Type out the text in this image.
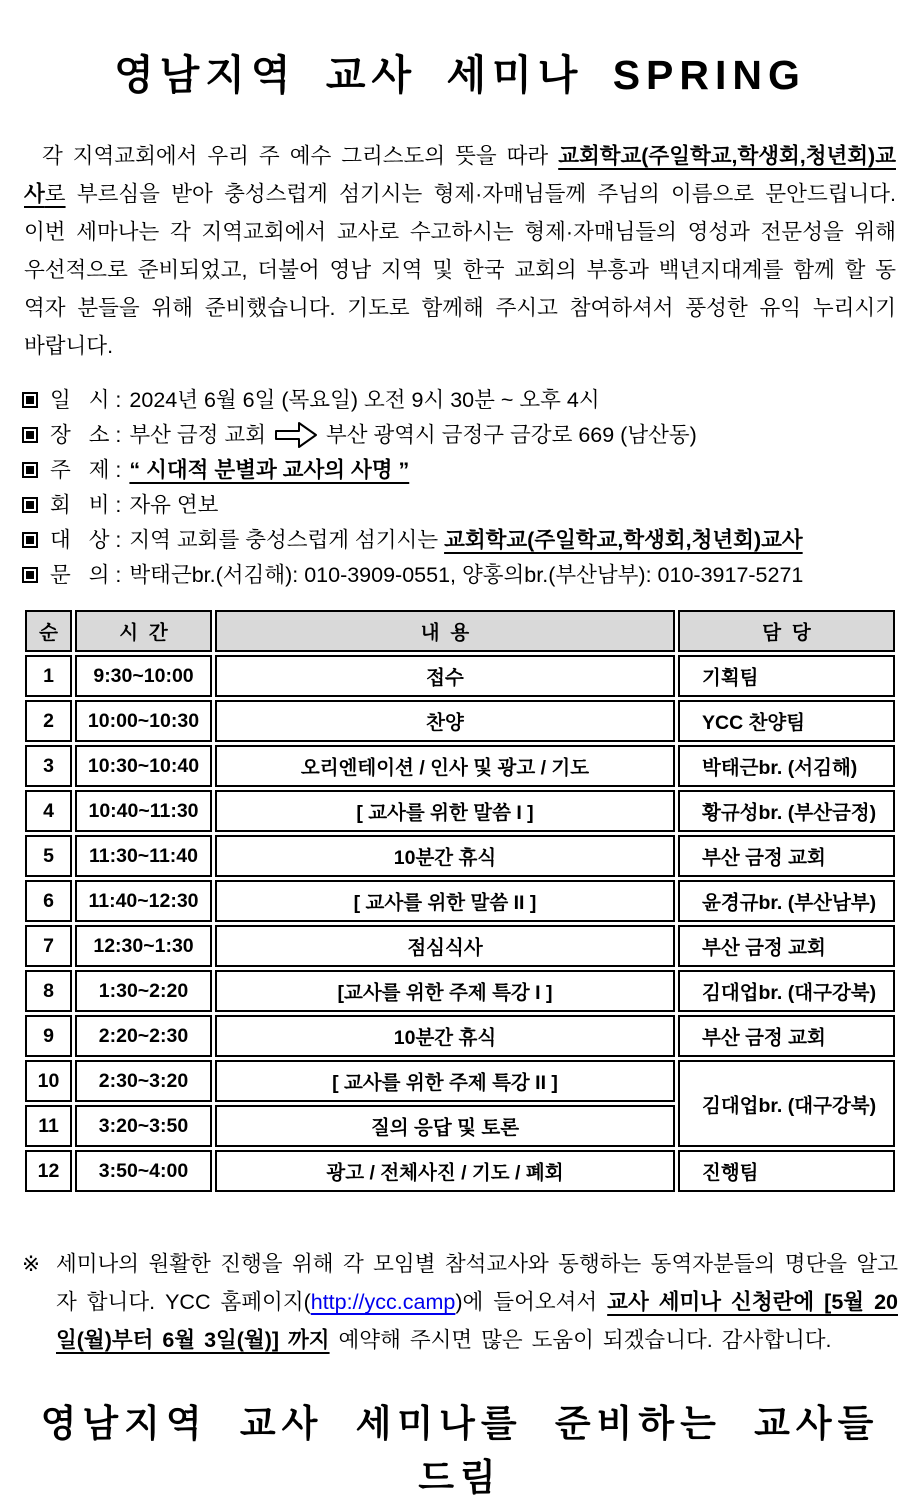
영남지역 교사 세미나 SPRING

각 지역교회에서 우리 주 예수 그리스도의 뜻을 따라 교회학교(주일학교,학생회,청년회)교사로 부르심을 받아 충성스럽게 섬기시는 형제·자매님들께 주님의 이름으로 문안드립니다. 이번 세마나는 각 지역교회에서 교사로 수고하시는 형제·자매님들의 영성과 전문성을 위해 우선적으로 준비되었고, 더불어 영남 지역 및 한국 교회의 부흥과 백년지대계를 함께 할 동역자 분들을 위해 준비했습니다. 기도로 함께해 주시고 참여하셔서 풍성한 유익 누리시기 바랍니다.

일   시 : 2024년 6월 6일 (목요일) 오전 9시 30분 ~ 오후 4시
장   소 : 부산 금정 교회	부산 광역시 금정구 금강로 669 (남산동)
주   제 : “ 시대적 분별과 교사의 사명 ”
회   비 : 자유 연보
대   상 : 지역 교회를 충성스럽게 섬기시는 교회학교(주일학교,학생회,청년회)교사
문   의 : 박태근br.(서김해): 010-3909-0551, 양홍의br.(부산남부): 010-3917-5271
순	시  간	내  용	담  당
1	9:30~10:00	접수	기획팀
2	10:00~10:30	찬양	YCC 찬양팀
3	10:30~10:40	오리엔테이션 / 인사 및 광고 / 기도	박태근br. (서김해)
4	10:40~11:30	[ 교사를 위한 말씀 I ]	황규성br. (부산금정)
5	11:30~11:40	10분간 휴식	부산 금정 교회
6	11:40~12:30	[ 교사를 위한 말씀 II ]	윤경규br. (부산남부)
7	12:30~1:30	점심식사	부산 금정 교회
8	1:30~2:20	[교사를 위한 주제 특강 I ]	김대업br. (대구강북)
9	2:20~2:30	10분간 휴식	부산 금정 교회
10	2:30~3:20	[ 교사를 위한 주제 특강 II ]	김대업br. (대구강북)
11	3:20~3:50	질의 응답 및 토론	
12	3:50~4:00	광고 / 전체사진 / 기도 / 폐회	진행팀
※ 세미나의 원활한 진행을 위해 각 모임별 참석교사와 동행하는 동역자분들의 명단을 알고자 합니다. YCC 홈페이지(http://ycc.camp)에 들어오셔서 교사 세미나 신청란에 [5월 20일(월)부터 6월 3일(월)] 까지 예약해 주시면 많은 도움이 되겠습니다. 감사합니다.
영남지역 교사 세미나를 준비하는 교사들 드림
